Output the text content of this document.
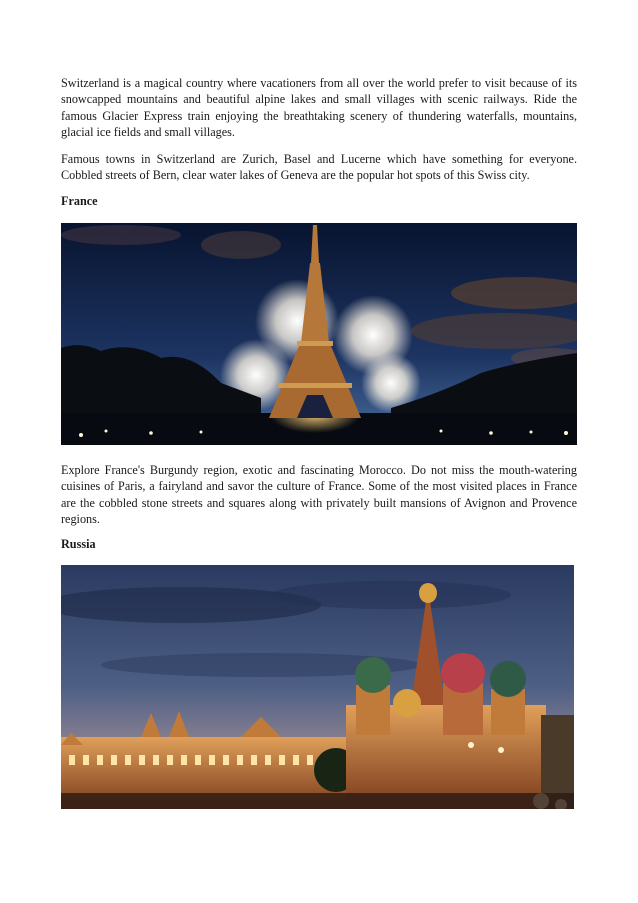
Switzerland is a magical country where vacationers from all over the world prefer to visit because of its snowcapped mountains and beautiful alpine lakes and small villages with scenic railways. Ride the famous Glacier Express train enjoying the breathtaking scenery of thundering waterfalls, mountains, glacial ice fields and small villages.

Famous towns in Switzerland are Zurich, Basel and Lucerne which have something for everyone. Cobbled streets of Bern, clear water lakes of Geneva are the popular hot spots of this Swiss city.

France

Explore France's Burgundy region, exotic and fascinating Morocco. Do not miss the mouth-watering cuisines of Paris, a fairyland and savor the culture of France. Some of the most visited places in France are the cobbled stone streets and squares along with privately built mansions of Avignon and Provence regions.

Russia
